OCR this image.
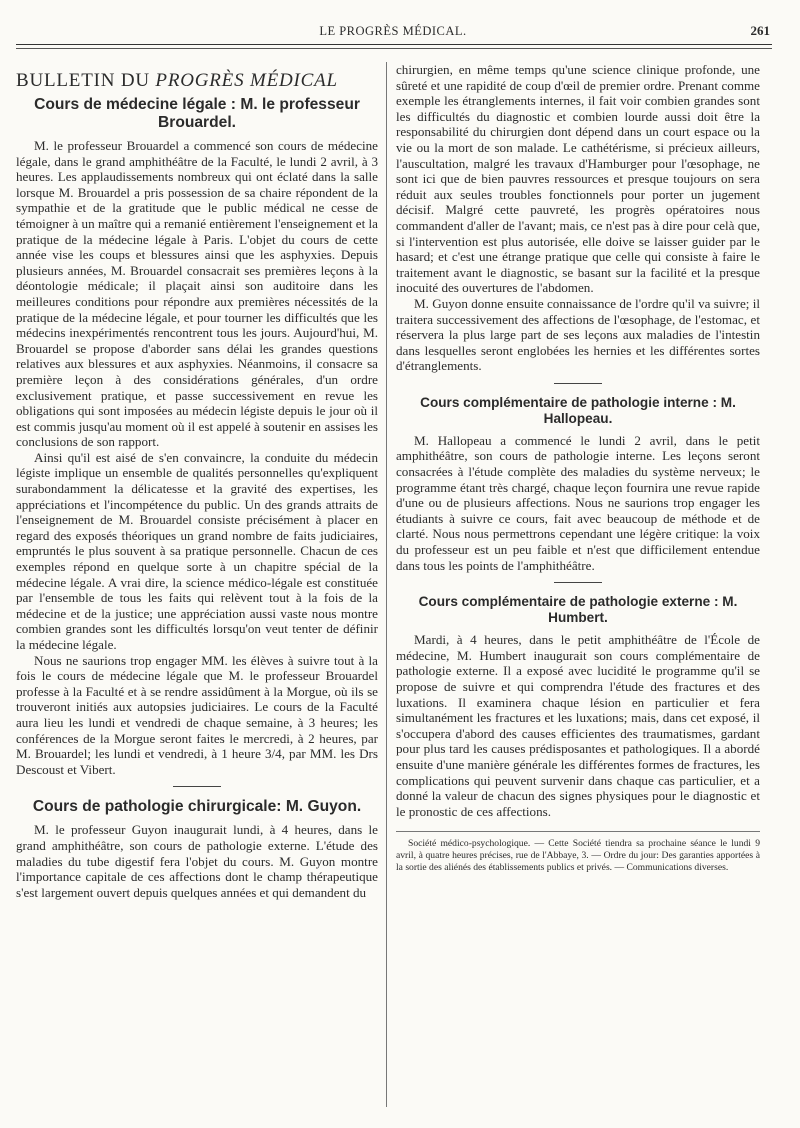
LE PROGRÈS MÉDICAL.	261
BULLETIN DU PROGRÈS MÉDICAL
Cours de médecine légale : M. le professeur Brouardel.

M. le professeur Brouardel a commencé son cours de médecine légale, dans le grand amphithéâtre de la Faculté, le lundi 2 avril, à 3 heures. Les applaudissements nombreux qui ont éclaté dans la salle lorsque M. Brouardel a pris possession de sa chaire répondent de la sympathie et de la gratitude que le public médical ne cesse de témoigner à un maître qui a remanié entièrement l'enseignement et la pratique de la médecine légale à Paris. L'objet du cours de cette année vise les coups et blessures ainsi que les asphyxies. Depuis plusieurs années, M. Brouardel consacrait ses premières leçons à la déontologie médicale; il plaçait ainsi son auditoire dans les meilleures conditions pour répondre aux premières nécessités de la pratique de la médecine légale, et pour tourner les difficultés que les médecins inexpérimentés rencontrent tous les jours. Aujourd'hui, M. Brouardel se propose d'aborder sans délai les grandes questions relatives aux blessures et aux asphyxies. Néanmoins, il consacre sa première leçon à des considérations générales, d'un ordre exclusivement pratique, et passe successivement en revue les obligations qui sont imposées au médecin légiste depuis le jour où il est commis jusqu'au moment où il est appelé à soutenir en assises les conclusions de son rapport.

Ainsi qu'il est aisé de s'en convaincre, la conduite du médecin légiste implique un ensemble de qualités personnelles qu'expliquent surabondamment la délicatesse et la gravité des expertises, les appréciations et l'incompétence du public. Un des grands attraits de l'enseignement de M. Brouardel consiste précisément à placer en regard des exposés théoriques un grand nombre de faits judiciaires, empruntés le plus souvent à sa pratique personnelle. Chacun de ces exemples répond en quelque sorte à un chapitre spécial de la médecine légale. A vrai dire, la science médico-légale est constituée par l'ensemble de tous les faits qui relèvent tout à la fois de la médecine et de la justice; une appréciation aussi vaste nous montre combien grandes sont les difficultés lorsqu'on veut tenter de définir la médecine légale.

Nous ne saurions trop engager MM. les élèves à suivre tout à la fois le cours de médecine légale que M. le professeur Brouardel professe à la Faculté et à se rendre assidûment à la Morgue, où ils se trouveront initiés aux autopsies judiciaires. Le cours de la Faculté aura lieu les lundi et vendredi de chaque semaine, à 3 heures; les conférences de la Morgue seront faites le mercredi, à 2 heures, par M. Brouardel; les lundi et vendredi, à 1 heure 3/4, par MM. les Drs Descoust et Vibert.

Cours de pathologie chirurgicale: M. Guyon.

M. le professeur Guyon inaugurait lundi, à 4 heures, dans le grand amphithéâtre, son cours de pathologie externe. L'étude des maladies du tube digestif fera l'objet du cours. M. Guyon montre l'importance capitale de ces affections dont le champ thérapeutique s'est largement ouvert depuis quelques années et qui demandent du

chirurgien, en même temps qu'une science clinique profonde, une sûreté et une rapidité de coup d'œil de premier ordre. Prenant comme exemple les étranglements internes, il fait voir combien grandes sont les difficultés du diagnostic et combien lourde aussi doit être la responsabilité du chirurgien dont dépend dans un court espace ou la vie ou la mort de son malade. Le cathétérisme, si précieux ailleurs, l'auscultation, malgré les travaux d'Hamburger pour l'œsophage, ne sont ici que de bien pauvres ressources et presque toujours on sera réduit aux seules troubles fonctionnels pour porter un jugement décisif. Malgré cette pauvreté, les progrès opératoires nous commandent d'aller de l'avant; mais, ce n'est pas à dire pour celà que, si l'intervention est plus autorisée, elle doive se laisser guider par le hasard; et c'est une étrange pratique que celle qui consiste à faire le traitement avant le diagnostic, se basant sur la facilité et la presque inocuité des ouvertures de l'abdomen.

M. Guyon donne ensuite connaissance de l'ordre qu'il va suivre; il traitera successivement des affections de l'œsophage, de l'estomac, et réservera la plus large part de ses leçons aux maladies de l'intestin dans lesquelles seront englobées les hernies et les différentes sortes d'étranglements.

Cours complémentaire de pathologie interne : M. Hallopeau.

M. Hallopeau a commencé le lundi 2 avril, dans le petit amphithéâtre, son cours de pathologie interne. Les leçons seront consacrées à l'étude complète des maladies du système nerveux; le programme étant très chargé, chaque leçon fournira une revue rapide d'une ou de plusieurs affections. Nous ne saurions trop engager les étudiants à suivre ce cours, fait avec beaucoup de méthode et de clarté. Nous nous permettrons cependant une légère critique: la voix du professeur est un peu faible et n'est que difficilement entendue dans tous les points de l'amphithéâtre.

Cours complémentaire de pathologie externe : M. Humbert.

Mardi, à 4 heures, dans le petit amphithéâtre de l'École de médecine, M. Humbert inaugurait son cours complémentaire de pathologie externe. Il a exposé avec lucidité le programme qu'il se propose de suivre et qui comprendra l'étude des fractures et des luxations. Il examinera chaque lésion en particulier et fera simultanément les fractures et les luxations; mais, dans cet exposé, il s'occupera d'abord des causes efficientes des traumatismes, gardant pour plus tard les causes prédisposantes et pathologiques. Il a abordé ensuite d'une manière générale les différentes formes de fractures, les complications qui peuvent survenir dans chaque cas particulier, et a donné la valeur de chacun des signes physiques pour le diagnostic et le pronostic de ces affections.

Société médico-psychologique. — Cette Société tiendra sa prochaine séance le lundi 9 avril, à quatre heures précises, rue de l'Abbaye, 3. — Ordre du jour: Des garanties apportées à la sortie des aliénés des établissements publics et privés. — Communications diverses.
